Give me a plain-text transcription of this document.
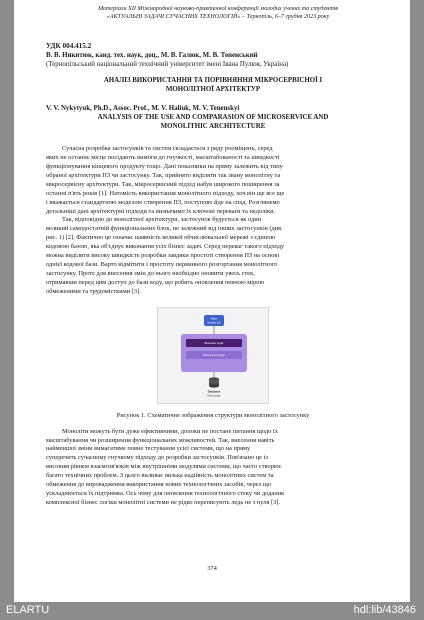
Матеріали ХІІ Міжнародної науково-практичної конференції молодих учених та студентів
«АКТУАЛЬНІ ЗАДАЧІ СУЧАСНИХ ТЕХНОЛОГІЙ» – Тернопіль, 6–7 грудня 2023 року
УДК 004.415.2
В. В. Никитюк, канд. тех. наук, доц., М. В. Галюк, М. В. Тененський
(Тернопільський національний технічний університет імені Івана Пулюя, Україна)
АНАЛІЗ ВИКОРИСТАННЯ ТА ПОРІВНЯННЯ МІКРОСЕРВІСНОЇ І
МОНОЛІТНОЇ АРХІТЕКТУР
V. V. Nykytyuk, Ph.D., Assoc. Prof., M. V. Haliuk, M. V. Tenenskyi
ANALYSIS OF THE USE AND COMPARASION OF MICROSERVICE AND
MONOLITHIC ARCHITECTURE

Сучасна розробка застосунків та систем складається з ряду рооміщень, серед
яких не останнє місце посідають вимоги до гнучкості, масштабованості та швидкості
функціонування кінцевого продукту тощо. Дані показники на пряму залежить від типу
обраної архітектури ПЗ чи застосунку. Так, прийнято виділяти так звану монолітну та
мікросервісну архітектури. Так, мікросервісний підхід набув широкого поширення за
останні п'ять років [1]. Натомість використання монолітного підходу, хоч він ще все ще
і вважається стандартною моделлю створення ПЗ, поступово йде на спад. Розглянемо
детальніші дані архітектурні підходи та визначимо їх ключові переваги та недоліки.

Так, відповідно до монолітної архітектури, застосунок будується як один
великий самодостатній функціональних блок, не залежний від інших застосунків (див.
рис. 1) [2]. Фактично це означає наявність великої обчислювальної мережі з єдиною
кодовою базою, яка об'єднує виконання усіх бізнес задач. Серед переваг такого підходу
можна виділити високу швидкість розробки завдяки простоті створення ПЗ на основі
однієї кодової бази. Варто відмітити і простоту первинного розгортання монолітного
застосунку. Проте для внесення змін до нього необхідно оновити увесь стек,
отримавши перед цим доступ до бази коду, що робить оновлення певною мірою
обмеженими та трудомісткими [3].

User
Interface (UI)
Business Logic
Data access layer
Database
Data storage
Рисунок 1. Схематичне зображення структури монолітного застосунку

Моноліти можуть бути дуже ефективними, допоки не постане питання щодо їх
масштабування чи розширення функціональних можливостей. Так, внесення навіть
найменшої зміни вимагатиме повне тестування усієї системи, що на пряму
суперечить сучасному гнучкому підходу до розробки застосунків. Пов'язано це із
високим рівнем взаємозв'язків між внутрішніми модулями системи, що часто створює
багато технічних проблем. З цього виливає низька надійність монолітних систем та
обмеження до впровадження використання нових технологічних засобів, через що
ускладнюється їх підтримка. Ось чому для оновлення технологічного стеку чи додання
комплексної бізнес логіки монолітні системи не рідко переписують ледь не з нуля [3].

374
ELARTU	hdl:lib/43846
